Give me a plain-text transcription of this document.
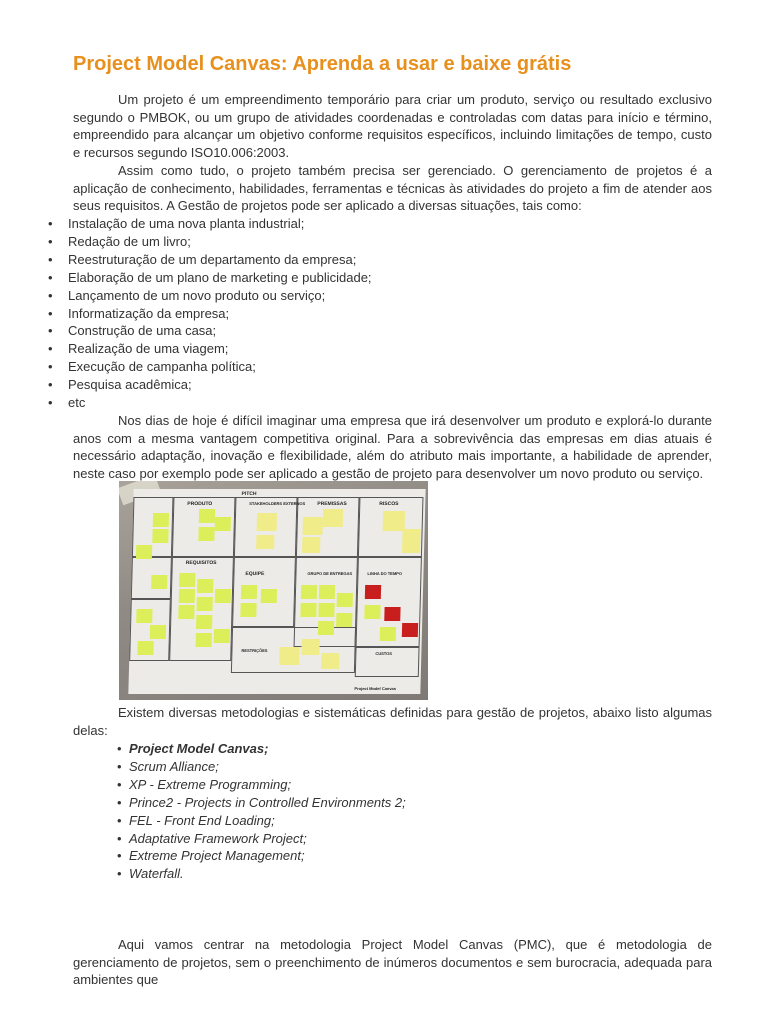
Project Model Canvas: Aprenda a usar e baixe grátis

Um projeto é um empreendimento temporário para criar um produto, serviço ou resultado exclusivo segundo o PMBOK, ou um grupo de atividades coordenadas e controladas com datas para início e término, empreendido para alcançar um objetivo conforme requisitos específicos, incluindo limitações de tempo, custo e recursos segundo ISO10.006:2003.

Assim como tudo, o projeto também precisa ser gerenciado. O gerenciamento de projetos é a aplicação de conhecimento, habilidades, ferramentas e técnicas às atividades do projeto a fim de atender aos seus requisitos. A Gestão de projetos pode ser aplicado a diversas situações, tais como:

• Instalação de uma nova planta industrial;
• Redação de um livro;
• Reestruturação de um departamento da empresa;
• Elaboração de um plano de marketing e publicidade;
• Lançamento de um novo produto ou serviço;
• Informatização da empresa;
• Construção de uma casa;
• Realização de uma viagem;
• Execução de campanha política;
• Pesquisa acadêmica;
• etc

Nos dias de hoje é difícil imaginar uma empresa que irá desenvolver um produto e explorá-lo durante anos com a mesma vantagem competitiva original. Para a sobrevivência das empresas em dias atuais é necessário adaptação, inovação e flexibilidade, além do atributo mais importante, a habilidade de aprender, neste caso por exemplo pode ser aplicado a gestão de projeto para desenvolver um novo produto ou serviço.

PITCH
PRODUTO	STAKEHOLDERS EXTERNOS PREMISSAS	RISCOS
REQUISITOS
EQUIPE	GRUPO DE ENTREGAS	LINHA DO TEMPO
RESTRIÇÕES
CUSTOS
Project Model Canvas

Existem diversas metodologias e sistemáticas definidas para gestão de projetos, abaixo listo algumas delas:

• Project Model Canvas;
• Scrum Alliance;
• XP - Extreme Programming;
• Prince2 - Projects in Controlled Environments 2;
• FEL - Front End Loading;
• Adaptative Framework Project;
• Extreme Project Management;
• Waterfall.

Aqui vamos centrar na metodologia Project Model Canvas (PMC), que é metodologia de gerenciamento de projetos, sem o preenchimento de inúmeros documentos e sem burocracia, adequada para ambientes que
